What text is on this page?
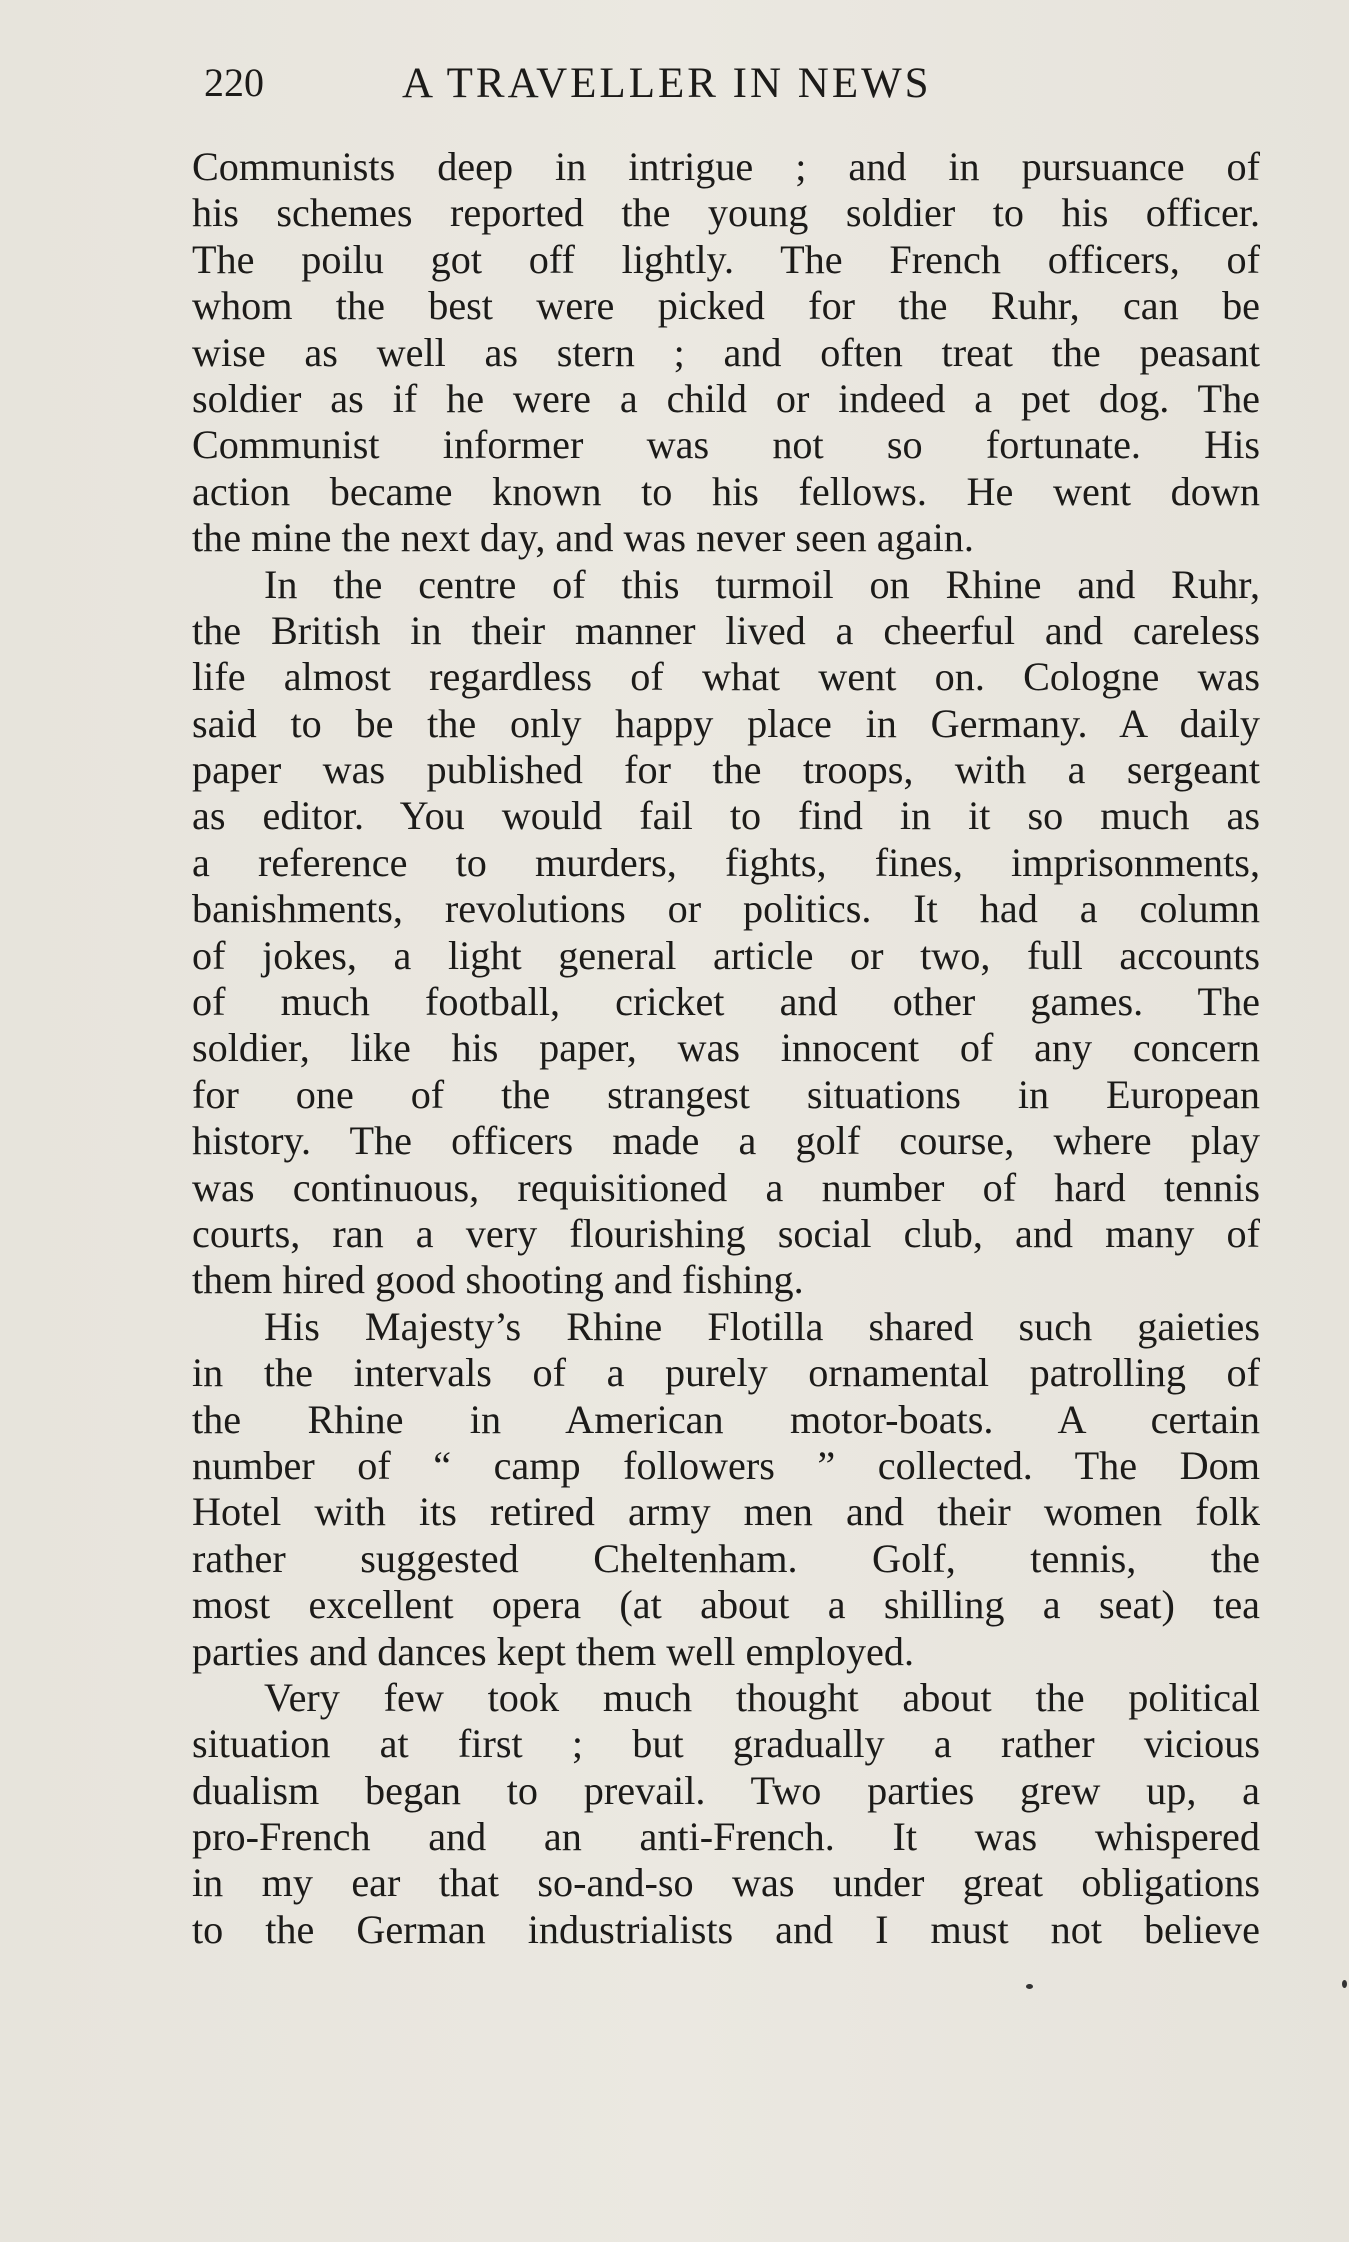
220	A TRAVELLER IN NEWS
Communists deep in intrigue ; and in pursuance of
his schemes reported the young soldier to his officer.
The poilu got off lightly. The French officers, of
whom the best were picked for the Ruhr, can be
wise as well as stern ; and often treat the peasant
soldier as if he were a child or indeed a pet dog. The
Communist informer was not so fortunate. His
action became known to his fellows. He went down
the mine the next day, and was never seen again.
In the centre of this turmoil on Rhine and Ruhr,
the British in their manner lived a cheerful and careless
life almost regardless of what went on. Cologne was
said to be the only happy place in Germany. A daily
paper was published for the troops, with a sergeant
as editor. You would fail to find in it so much as
a reference to murders, fights, fines, imprisonments,
banishments, revolutions or politics. It had a column
of jokes, a light general article or two, full accounts
of much football, cricket and other games. The
soldier, like his paper, was innocent of any concern
for one of the strangest situations in European
history. The officers made a golf course, where play
was continuous, requisitioned a number of hard tennis
courts, ran a very flourishing social club, and many of
them hired good shooting and fishing.
His Majesty’s Rhine Flotilla shared such gaieties
in the intervals of a purely ornamental patrolling of
the Rhine in American motor-boats. A certain
number of “ camp followers ” collected. The Dom
Hotel with its retired army men and their women folk
rather suggested Cheltenham. Golf, tennis, the
most excellent opera (at about a shilling a seat) tea
parties and dances kept them well employed.
Very few took much thought about the political
situation at first ; but gradually a rather vicious
dualism began to prevail. Two parties grew up, a
pro-French and an anti-French. It was whispered
in my ear that so-and-so was under great obligations
to the German industrialists and I must not believe
